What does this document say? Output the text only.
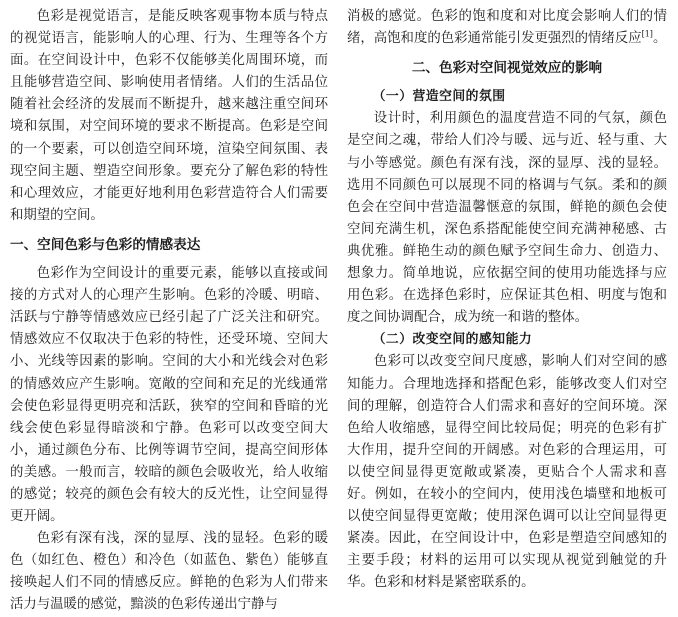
色彩是视觉语言，是能反映客观事物本质与特点的视觉语言，能影响人的心理、行为、生理等各个方面。在空间设计中，色彩不仅能够美化周围环境，而且能够营造空间、影响使用者情绪。人们的生活品位随着社会经济的发展而不断提升，越来越注重空间环境和氛围，对空间环境的要求不断提高。色彩是空间的一个要素，可以创造空间环境，渲染空间氛围、表现空间主题、塑造空间形象。要充分了解色彩的特性和心理效应，才能更好地利用色彩营造符合人们需要和期望的空间。

一、空间色彩与色彩的情感表达

色彩作为空间设计的重要元素，能够以直接或间接的方式对人的心理产生影响。色彩的冷暖、明暗、活跃与宁静等情感效应已经引起了广泛关注和研究。情感效应不仅取决于色彩的特性，还受环境、空间大小、光线等因素的影响。空间的大小和光线会对色彩的情感效应产生影响。宽敞的空间和充足的光线通常会使色彩显得更明亮和活跃，狭窄的空间和昏暗的光线会使色彩显得暗淡和宁静。色彩可以改变空间大小，通过颜色分布、比例等调节空间，提高空间形体的美感。一般而言，较暗的颜色会吸收光，给人收缩的感觉；较亮的颜色会有较大的反光性，让空间显得更开阔。

色彩有深有浅，深的显厚、浅的显轻。色彩的暖色（如红色、橙色）和冷色（如蓝色、紫色）能够直接唤起人们不同的情感反应。鲜艳的色彩为人们带来活力与温暖的感觉，黯淡的色彩传递出宁静与

消极的感觉。色彩的饱和度和对比度会影响人们的情绪，高饱和度的色彩通常能引发更强烈的情绪反应[1]。

二、色彩对空间视觉效应的影响
（一）营造空间的氛围

设计时，利用颜色的温度营造不同的气氛，颜色是空间之魂，带给人们冷与暖、远与近、轻与重、大与小等感觉。颜色有深有浅，深的显厚、浅的显轻。选用不同颜色可以展现不同的格调与气氛。柔和的颜色会在空间中营造温馨惬意的氛围，鲜艳的颜色会使空间充满生机，深色系搭配能使空间充满神秘感、古典优雅。鲜艳生动的颜色赋予空间生命力、创造力、想象力。简单地说，应依据空间的使用功能选择与应用色彩。在选择色彩时，应保证其色相、明度与饱和度之间协调配合，成为统一和谐的整体。

（二）改变空间的感知能力

色彩可以改变空间尺度感，影响人们对空间的感知能力。合理地选择和搭配色彩，能够改变人们对空间的理解，创造符合人们需求和喜好的空间环境。深色给人收缩感，显得空间比较局促；明亮的色彩有扩大作用，提升空间的开阔感。对色彩的合理运用，可以使空间显得更宽敞或紧凑，更贴合个人需求和喜好。例如，在较小的空间内，使用浅色墙壁和地板可以使空间显得更宽敞；使用深色调可以让空间显得更紧凑。因此，在空间设计中，色彩是塑造空间感知的主要手段；材料的运用可以实现从视觉到触觉的升华。色彩和材料是紧密联系的。
